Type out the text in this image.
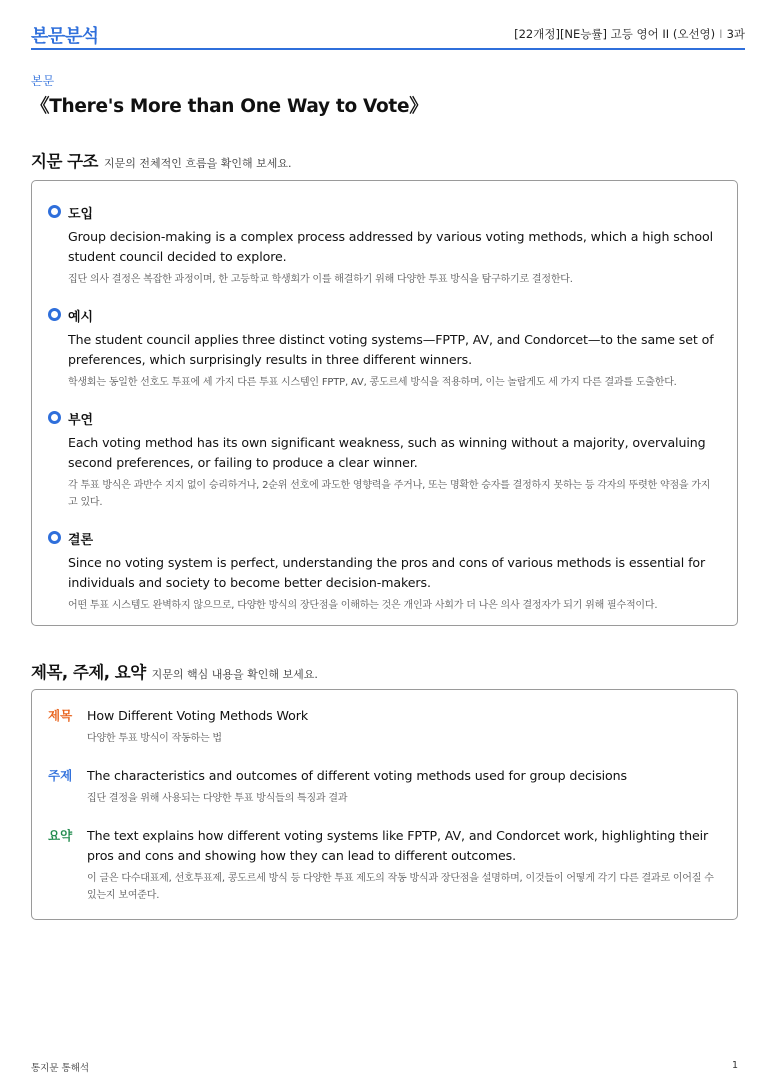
본문분석	[22개정][NE능률] 고등 영어 II (오선영) I 3과
본문
《There's More than One Way to Vote》
지문 구조 지문의 전체적인 흐름을 확인해 보세요.
도입
Group decision-making is a complex process addressed by various voting methods, which a high school student council decided to explore.
집단 의사 결정은 복잡한 과정이며, 한 고등학교 학생회가 이를 해결하기 위해 다양한 투표 방식을 탐구하기로 결정한다.
예시
The student council applies three distinct voting systems—FPTP, AV, and Condorcet—to the same set of preferences, which surprisingly results in three different winners.
학생회는 동일한 선호도 투표에 세 가지 다른 투표 시스템인 FPTP, AV, 콩도르세 방식을 적용하며, 이는 놀랍게도 세 가지 다른 결과를 도출한다.
부연
Each voting method has its own significant weakness, such as winning without a majority, overvaluing second preferences, or failing to produce a clear winner.
각 투표 방식은 과반수 지지 없이 승리하거나, 2순위 선호에 과도한 영향력을 주거나, 또는 명확한 승자를 결정하지 못하는 등 각자의 뚜렷한 약점을 가지고 있다.
결론
Since no voting system is perfect, understanding the pros and cons of various methods is essential for individuals and society to become better decision-makers.
어떤 투표 시스템도 완벽하지 않으므로, 다양한 방식의 장단점을 이해하는 것은 개인과 사회가 더 나은 의사 결정자가 되기 위해 필수적이다.
제목, 주제, 요약 지문의 핵심 내용을 확인해 보세요.
제목 How Different Voting Methods Work
다양한 투표 방식이 작동하는 법
주제 The characteristics and outcomes of different voting methods used for group decisions
집단 결정을 위해 사용되는 다양한 투표 방식들의 특징과 결과
요약 The text explains how different voting systems like FPTP, AV, and Condorcet work, highlighting their pros and cons and showing how they can lead to different outcomes.
이 글은 다수대표제, 선호투표제, 콩도르세 방식 등 다양한 투표 제도의 작동 방식과 장단점을 설명하며, 이것들이 어떻게 각기 다른 결과로 이어질 수 있는지 보여준다.
통지문 통해석	1
